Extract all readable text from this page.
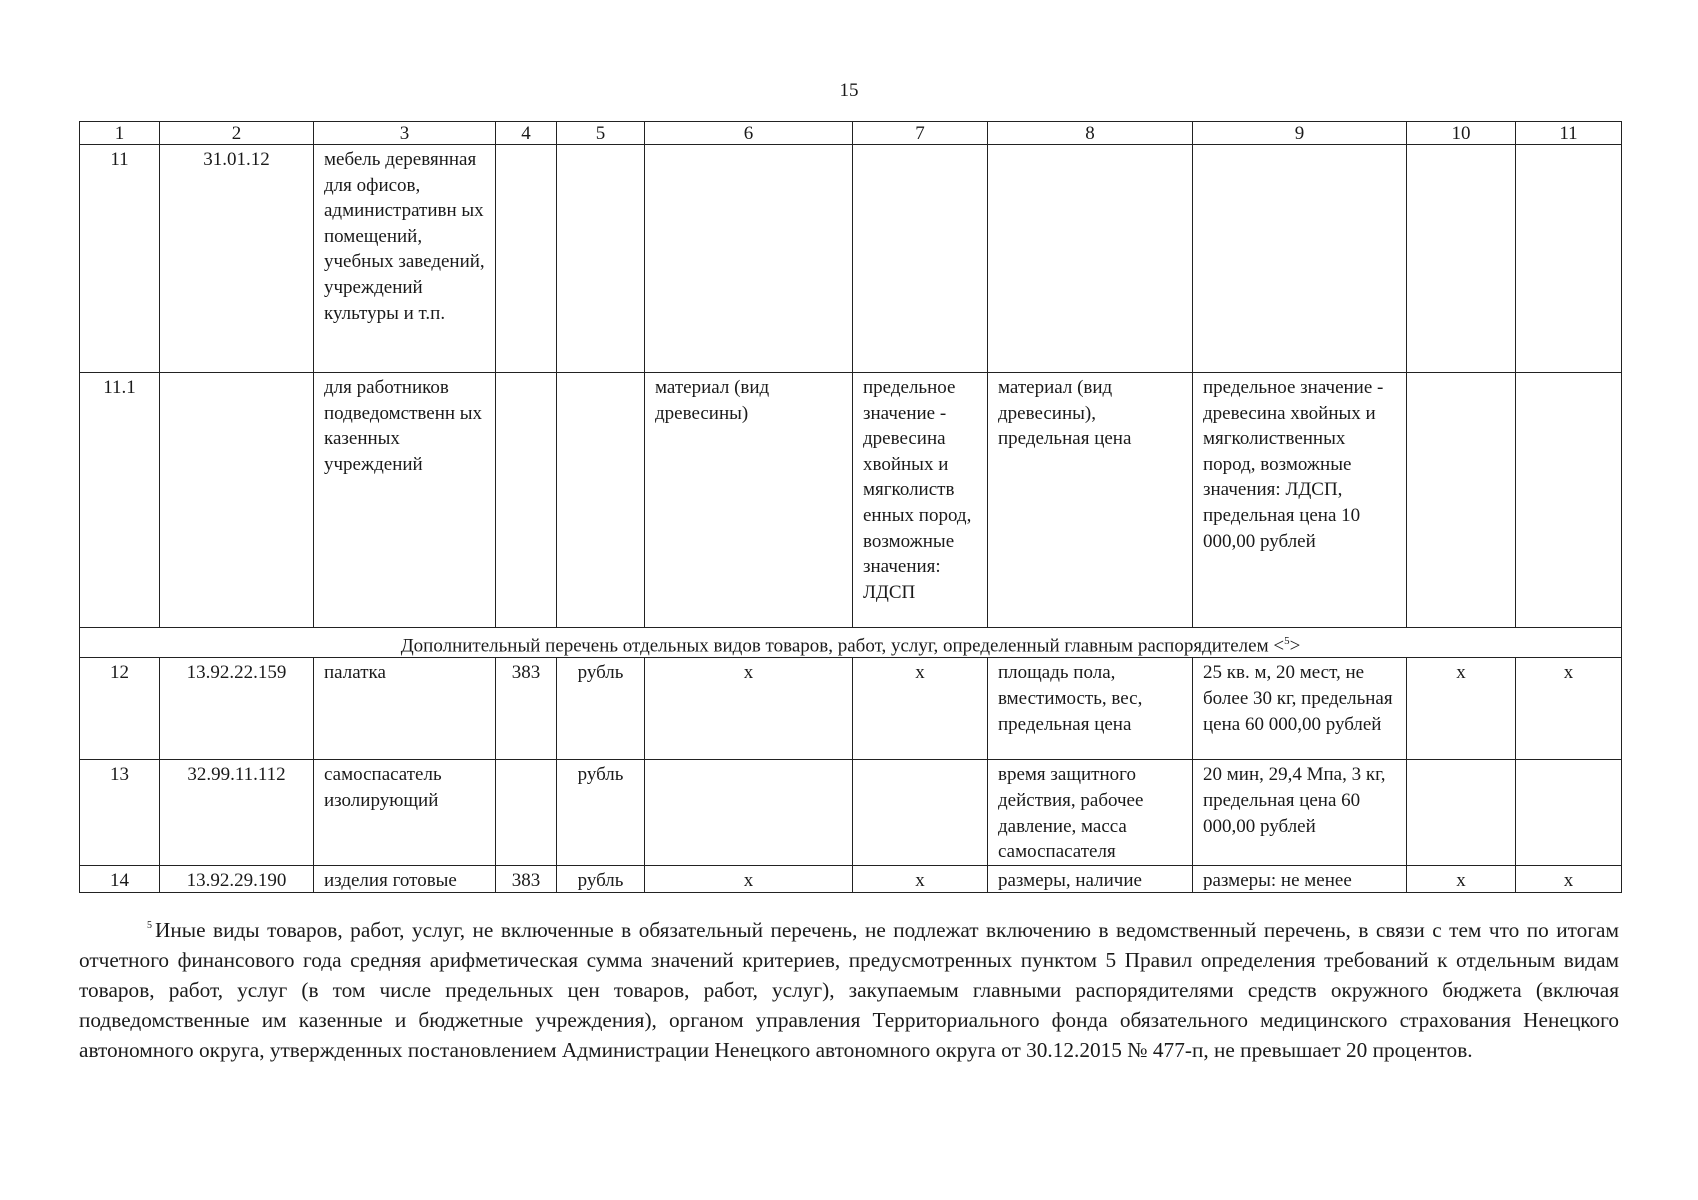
15
1	2	3	4	5	6	7	8	9	10	11
11	31.01.12	мебель деревянная для офисов, административн ых помещений, учебных заведений, учреждений культуры и т.п.								
11.1		для работников подведомственн ых казенных учреждений			материал (вид древесины)	предельное значение - древесина хвойных и мягколиств енных пород, возможные значения: ЛДСП	материал (вид древесины), предельная цена	предельное значение - древесина хвойных и мягколиственных пород, возможные значения: ЛДСП, предельная цена 10 000,00 рублей		
Дополнительный перечень отдельных видов товаров, работ, услуг, определенный главным распорядителем <$^5$>										
12	13.92.22.159	палатка	383	рубль	х	х	площадь пола, вместимость, вес, предельная цена	25 кв. м, 20 мест, не более 30 кг, предельная цена 60 000,00 рублей	х	х
13	32.99.11.112	самоспасатель изолирующий		рубль			время защитного действия, рабочее давление, масса самоспасателя	20 мин, 29,4 Мпа, 3 кг, предельная цена 60 000,00 рублей		

14	13.92.29.190	изделия готовые	383	рубль	х	х	размеры, наличие	размеры: не менее	х	х
$^5$ Иные виды товаров, работ, услуг, не включенные в обязательный перечень, не подлежат включению в ведомственный перечень, в связи с тем что по итогам отчетного финансового года средняя арифметическая сумма значений критериев, предусмотренных пунктом 5 Правил определения требований к отдельным видам товаров, работ, услуг (в том числе предельных цен товаров, работ, услуг), закупаемым главными распорядителями средств окружного бюджета (включая подведомственные им казенные и бюджетные учреждения), органом управления Территориального фонда обязательного медицинского страхования Ненецкого автономного округа, утвержденных постановлением Администрации Ненецкого автономного округа от 30.12.2015 № 477-п, не превышает 20 процентов.
